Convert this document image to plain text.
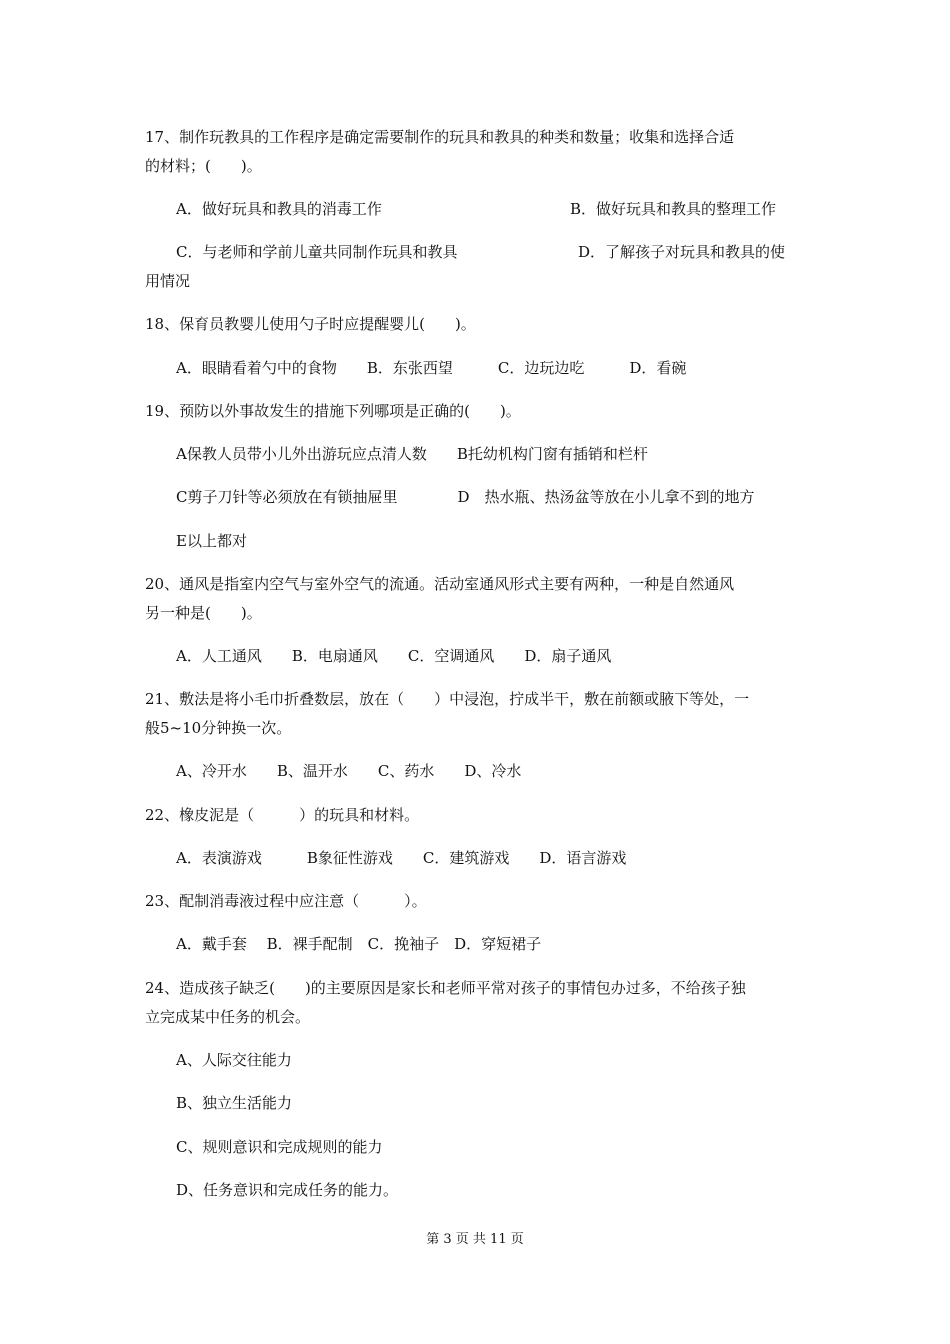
17、制作玩教具的工作程序是确定需要制作的玩具和教具的种类和数量；收集和选择合适
的材料；(　　)。
A．做好玩具和教具的消毒工作	B．做好玩具和教具的整理工作
C．与老师和学前儿童共同制作玩具和教具	D．了解孩子对玩具和教具的使
用情况
18、保育员教婴儿使用勺子时应提醒婴儿(　　)。
A．眼睛看着勺中的食物　　B．东张西望　　　C．边玩边吃　　　D．看碗
19、预防以外事故发生的措施下列哪项是正确的(　　)。
A保教人员带小儿外出游玩应点清人数　　B托幼机构门窗有插销和栏杆
C剪子刀针等必须放在有锁抽屉里　　　　D　热水瓶、热汤盆等放在小儿拿不到的地方
E以上都对
20、通风是指室内空气与室外空气的流通。活动室通风形式主要有两种，一种是自然通风
另一种是(　　)。
A．人工通风　　B．电扇通风　　C．空调通风　　D．扇子通风
21、敷法是将小毛巾折叠数层，放在（　　）中浸泡，拧成半干，敷在前额或腋下等处，一
般5~10分钟换一次。
A、冷开水　　B、温开水　　C、药水　　D、冷水
22、橡皮泥是（　　　）的玩具和材料。
A．表演游戏　　　B象征性游戏　　C．建筑游戏　　D．语言游戏
23、配制消毒液过程中应注意（　　　）。
A．戴手套　 B．裸手配制　C．挽袖子　D．穿短裙子
24、造成孩子缺乏(　　)的主要原因是家长和老师平常对孩子的事情包办过多，不给孩子独
立完成某中任务的机会。
A、人际交往能力
B、独立生活能力
C、规则意识和完成规则的能力
D、任务意识和完成任务的能力。
第 3 页 共 11 页
